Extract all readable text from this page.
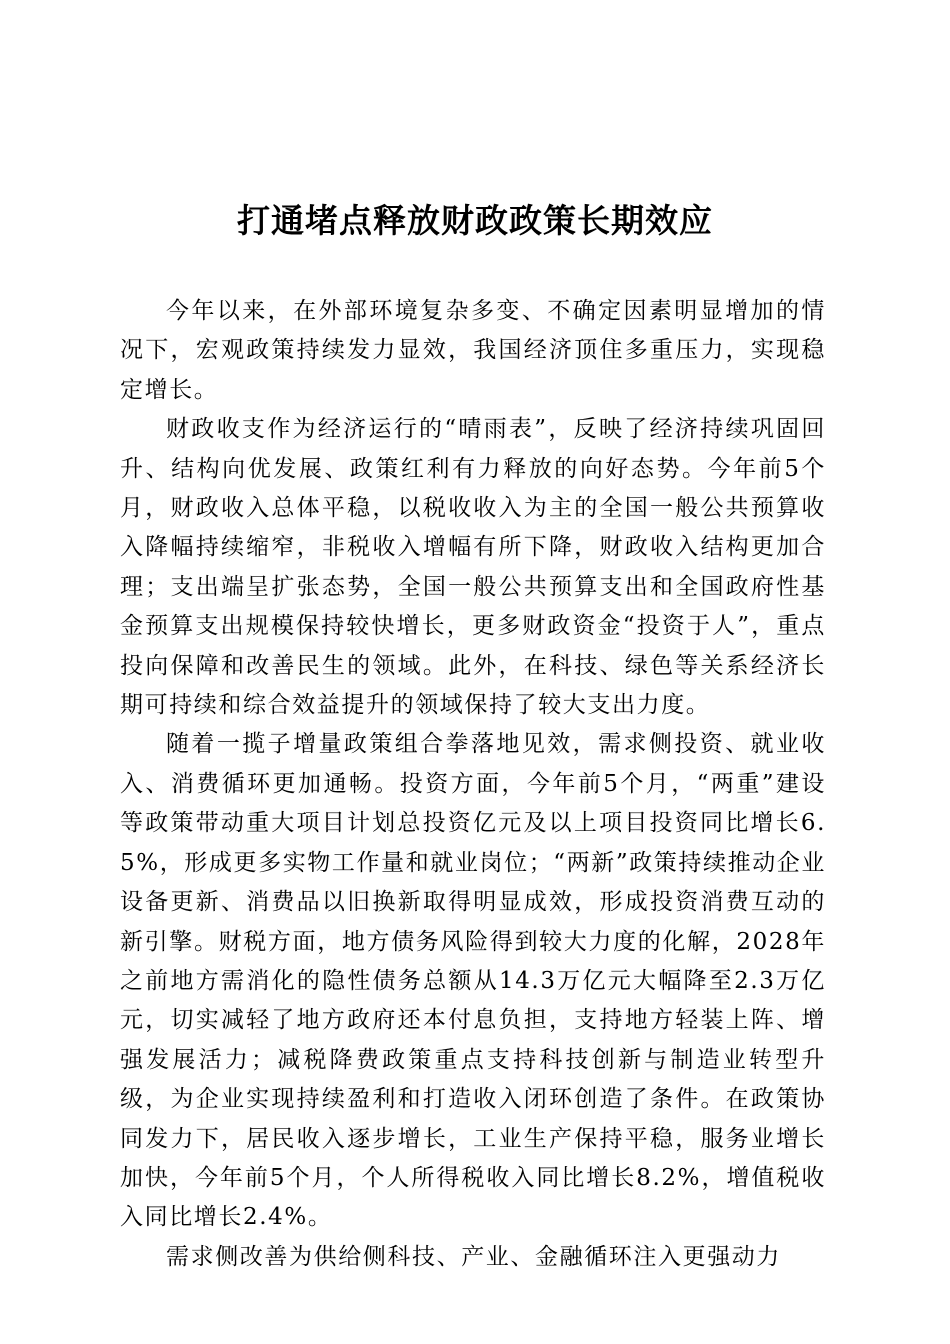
打通堵点释放财政政策长期效应

今年以来，在外部环境复杂多变、不确定因素明显增加的情况下，宏观政策持续发力显效，我国经济顶住多重压力，实现稳定增长。

财政收支作为经济运行的“晴雨表”，反映了经济持续巩固回升、结构向优发展、政策红利有力释放的向好态势。今年前5个月，财政收入总体平稳，以税收收入为主的全国一般公共预算收入降幅持续缩窄，非税收入增幅有所下降，财政收入结构更加合理；支出端呈扩张态势，全国一般公共预算支出和全国政府性基金预算支出规模保持较快增长，更多财政资金“投资于人”，重点投向保障和改善民生的领域。此外，在科技、绿色等关系经济长期可持续和综合效益提升的领域保持了较大支出力度。

随着一揽子增量政策组合拳落地见效，需求侧投资、就业收入、消费循环更加通畅。投资方面，今年前5个月，“两重”建设等政策带动重大项目计划总投资亿元及以上项目投资同比增长6.5%，形成更多实物工作量和就业岗位；“两新”政策持续推动企业设备更新、消费品以旧换新取得明显成效，形成投资消费互动的新引擎。财税方面，地方债务风险得到较大力度的化解，2028年之前地方需消化的隐性债务总额从14.3万亿元大幅降至2.3万亿元，切实减轻了地方政府还本付息负担，支持地方轻装上阵、增强发展活力；减税降费政策重点支持科技创新与制造业转型升级，为企业实现持续盈利和打造收入闭环创造了条件。在政策协同发力下，居民收入逐步增长，工业生产保持平稳，服务业增长加快，今年前5个月，个人所得税收入同比增长8.2%，增值税收入同比增长2.4%。

需求侧改善为供给侧科技、产业、金融循环注入更强动力
